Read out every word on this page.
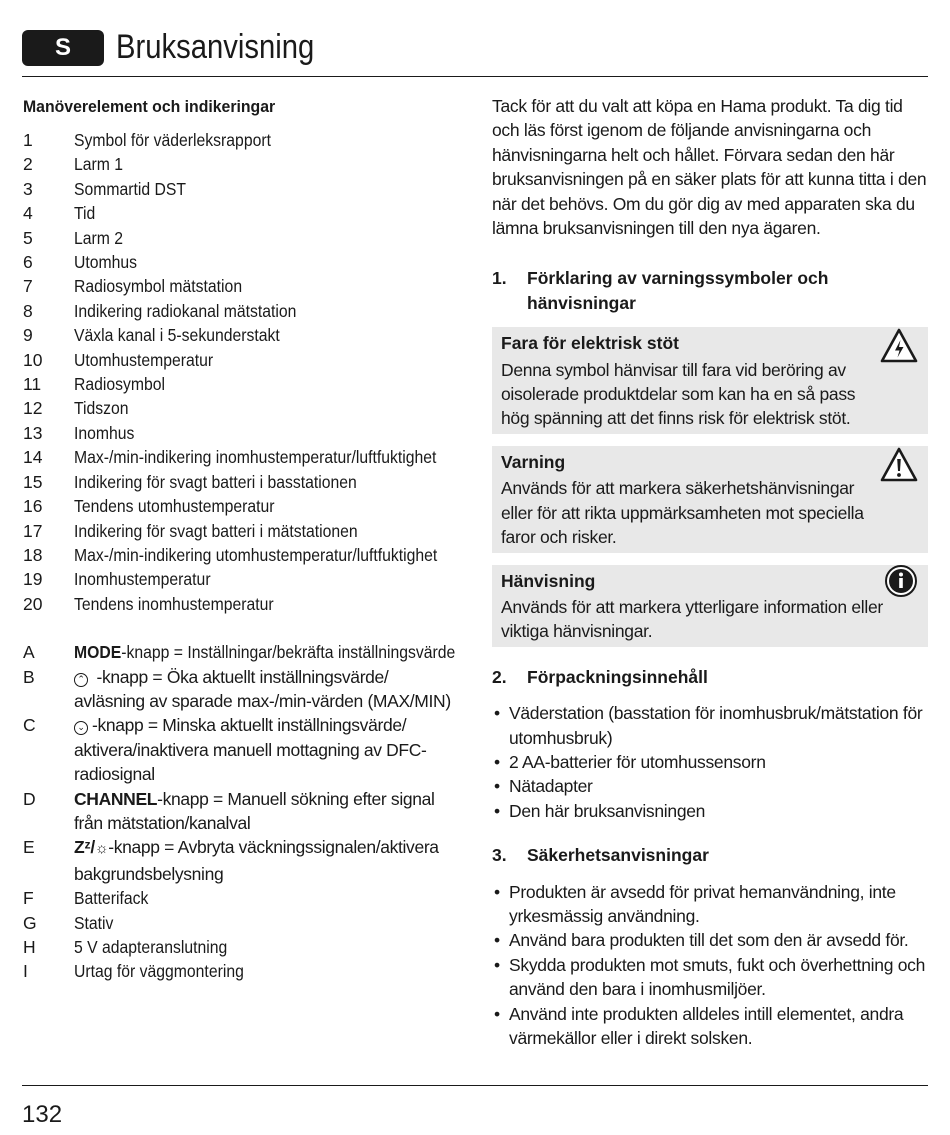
S	Bruksanvisning
Manöverelement och indikeringar
1	Symbol för väderleksrapport
2	Larm 1
3	Sommartid DST
4	Tid
5	Larm 2
6	Utomhus
7	Radiosymbol mätstation
8	Indikering radiokanal mätstation
9	Växla kanal i 5-sekunderstakt
10	Utomhustemperatur
11	Radiosymbol
12	Tidszon
13	Inomhus
14	Max-/min-indikering inomhustemperatur/luftfuktighet
15	Indikering för svagt batteri i basstationen
16	Tendens utomhustemperatur
17	Indikering för svagt batteri i mätstationen
18	Max-/min-indikering utomhustemperatur/luftfuktighet
19	Inomhustemperatur
20	Tendens inomhustemperatur
A	MODE-knapp = Inställningar/bekräfta inställningsvärde
B	⌃ -knapp = Öka aktuellt inställningsvärde/ avläsning av sparade max-/min-värden (MAX/MIN)
C	⌄ -knapp = Minska aktuellt inställningsvärde/ aktivera/inaktivera manuell mottagning av DFC-radiosignal
D	CHANNEL-knapp = Manuell sökning efter signal från mätstation/kanalval
E	Zᶻ/☼-knapp = Avbryta väckningssignalen/aktivera bakgrundsbelysning
F	Batterifack
G	Stativ
H	5 V adapteranslutning
I	Urtag för väggmontering
Tack för att du valt att köpa en Hama produkt. Ta dig tid och läs först igenom de följande anvisningarna och hänvisningarna helt och hållet. Förvara sedan den här bruksanvisningen på en säker plats för att kunna titta i den när det behövs. Om du gör dig av med apparaten ska du lämna bruksanvisningen till den nya ägaren.
1.	Förklaring av varningssymboler och hänvisningar
Fara för elektrisk stöt
Denna symbol hänvisar till fara vid beröring av oisolerade produktdelar som kan ha en så pass hög spänning att det finns risk för elektrisk stöt.
Varning
Används för att markera säkerhetshänvisningar eller för att rikta uppmärksamheten mot speciella faror och risker.
Hänvisning
Används för att markera ytterligare information eller viktiga hänvisningar.
2.	Förpackningsinnehåll
• Väderstation (basstation för inomhusbruk/mätstation för utomhusbruk)
• 2 AA-batterier för utomhussensorn
• Nätadapter
• Den här bruksanvisningen
3.	Säkerhetsanvisningar
• Produkten är avsedd för privat hemanvändning, inte yrkesmässig användning.
• Använd bara produkten till det som den är avsedd för.
• Skydda produkten mot smuts, fukt och överhettning och använd den bara i inomhusmiljöer.
• Använd inte produkten alldeles intill elementet, andra värmekällor eller i direkt solsken.
132
